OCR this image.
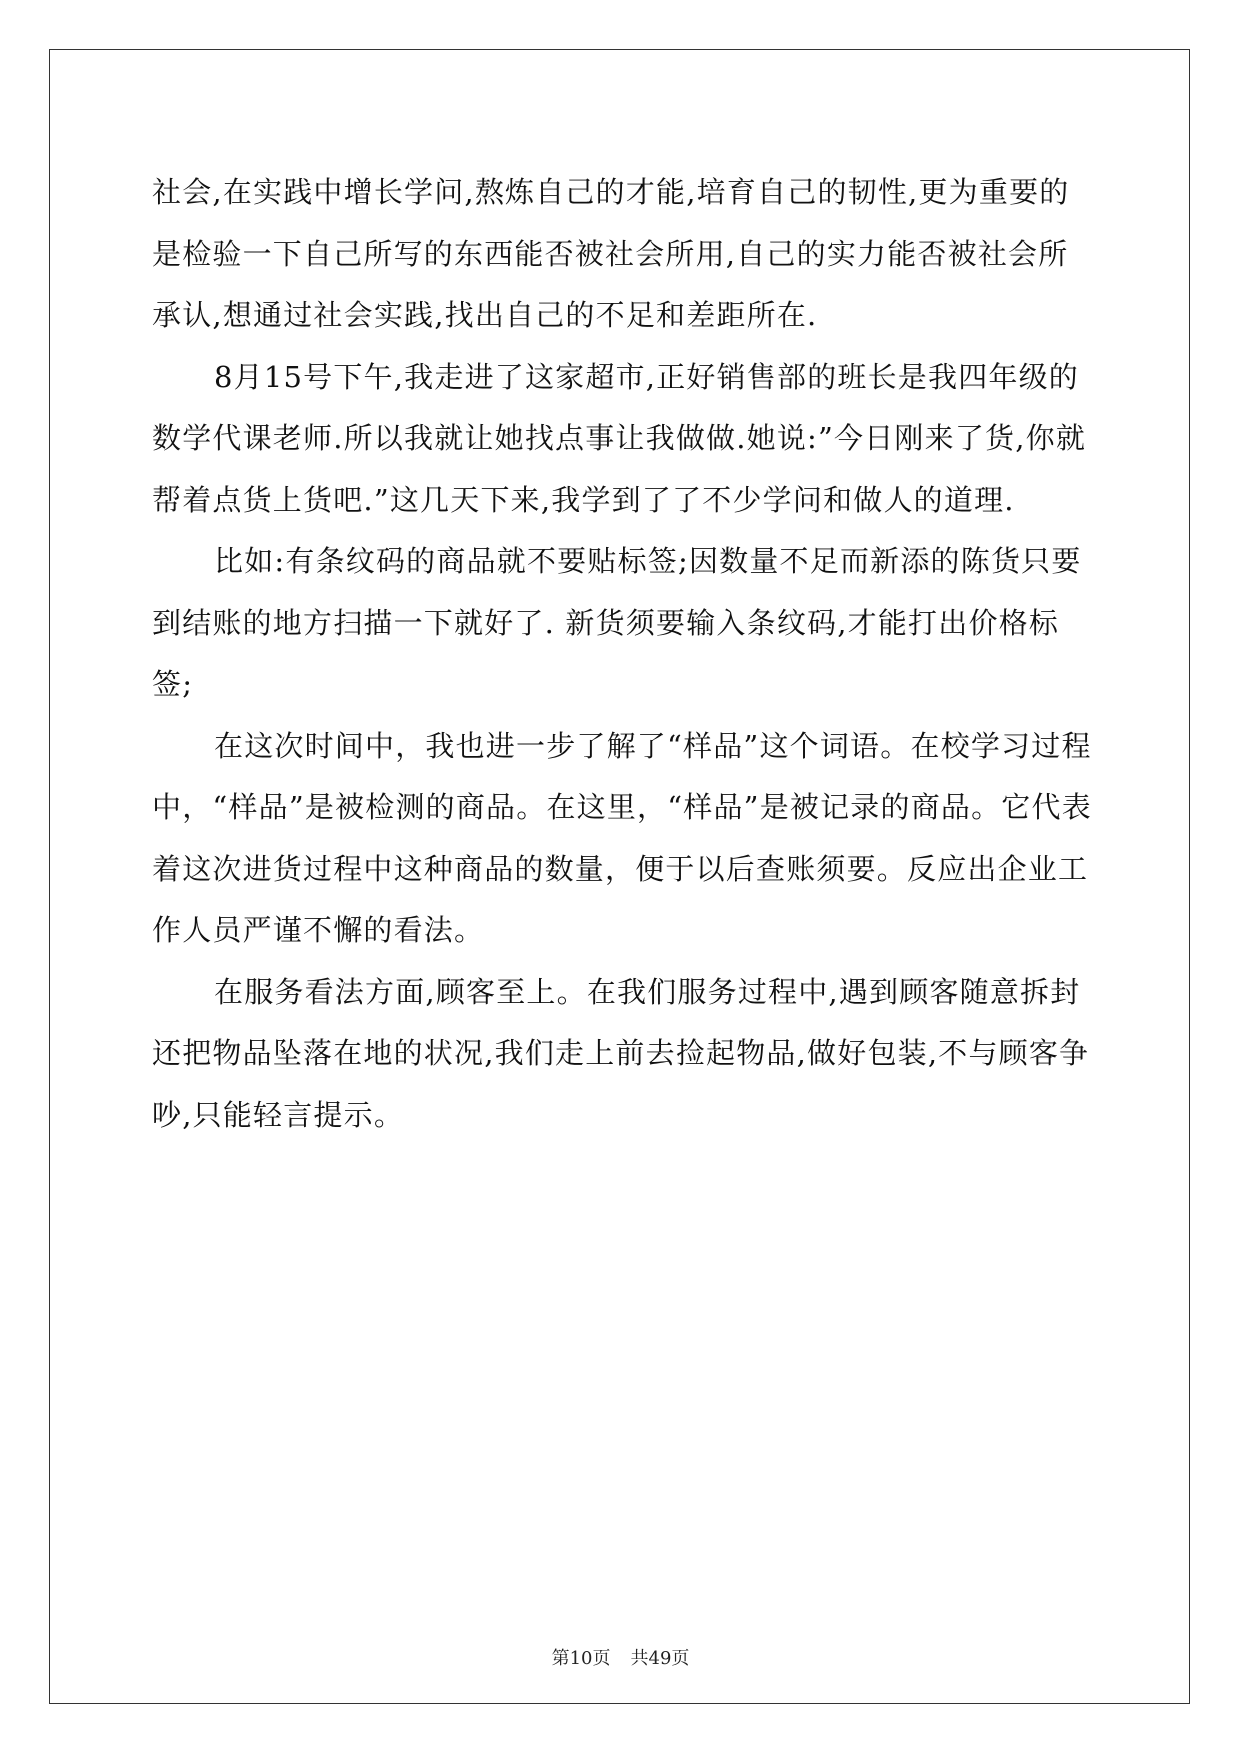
社会,在实践中增长学问,熬炼自己的才能,培育自己的韧性,更为重要的是检验一下自己所写的东西能否被社会所用,自己的实力能否被社会所承认,想通过社会实践,找出自己的不足和差距所在.

8月15号下午,我走进了这家超市,正好销售部的班长是我四年级的数学代课老师.所以我就让她找点事让我做做.她说:”今日刚来了货,你就帮着点货上货吧.”这几天下来,我学到了了不少学问和做人的道理.

比如:有条纹码的商品就不要贴标签;因数量不足而新添的陈货只要到结账的地方扫描一下就好了. 新货须要输入条纹码,才能打出价格标签;

在这次时间中，我也进一步了解了“样品”这个词语。在校学习过程中，“样品”是被检测的商品。在这里，“样品”是被记录的商品。它代表着这次进货过程中这种商品的数量，便于以后查账须要。反应出企业工作人员严谨不懈的看法。

在服务看法方面,顾客至上。在我们服务过程中,遇到顾客随意拆封还把物品坠落在地的状况,我们走上前去捡起物品,做好包装,不与顾客争吵,只能轻言提示。

第10页 共49页
